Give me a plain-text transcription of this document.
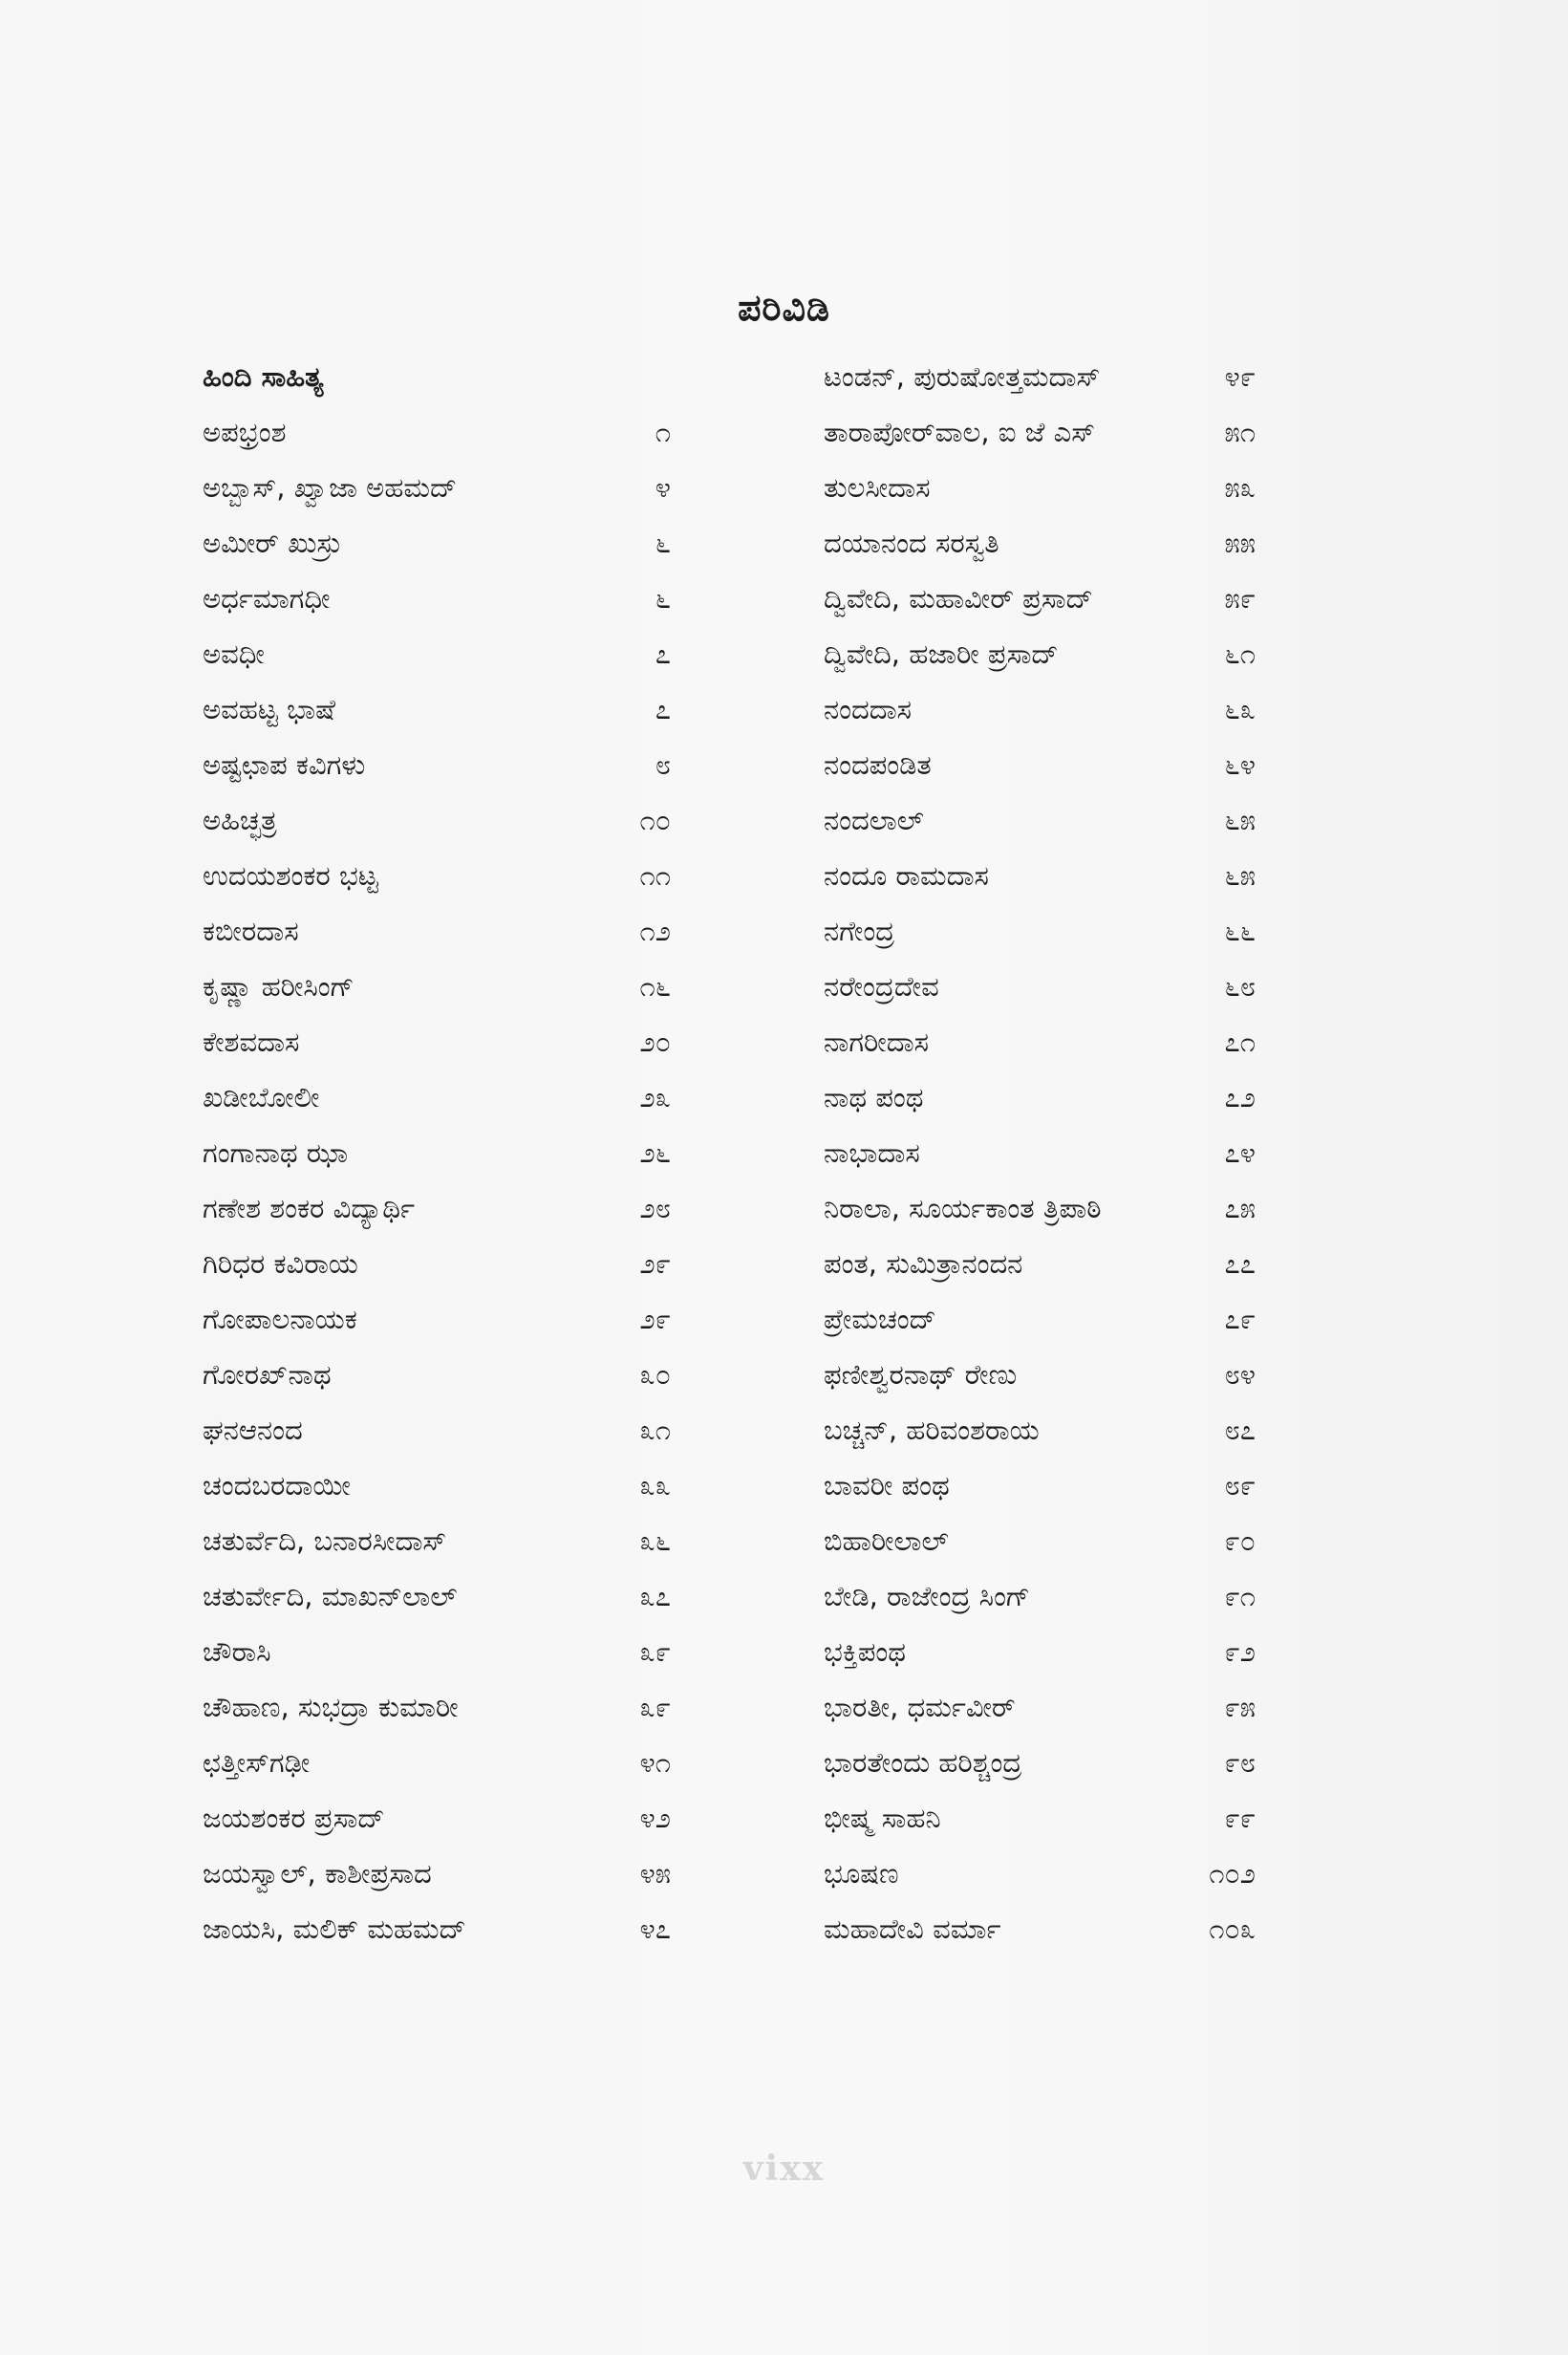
vixx
ಪರಿವಿಡಿ
ಹಿಂದಿ ಸಾಹಿತ್ಯ
ಅಪಭ್ರಂಶ	೧
ಅಬ್ಬಾಸ್, ಖ್ವಾಜಾ ಅಹಮದ್	೪
ಅಮೀರ್ ಖುಸ್ರು	೬
ಅರ್ಧಮಾಗಧೀ	೬
ಅವಧೀ	೭
ಅವಹಟ್ಟ ಭಾಷೆ	೭
ಅಷ್ಟಛಾಪ ಕವಿಗಳು	೮
ಅಹಿಚ್ಛತ್ರ	೧೦
ಉದಯಶಂಕರ ಭಟ್ಟ	೧೧
ಕಬೀರದಾಸ	೧೨
ಕೃಷ್ಣಾ ಹರೀಸಿಂಗ್	೧೬
ಕೇಶವದಾಸ	೨೦
ಖಡೀಬೋಲೀ	೨೩
ಗಂಗಾನಾಥ ಝಾ	೨೬
ಗಣೇಶ ಶಂಕರ ವಿದ್ಯಾರ್ಥಿ	೨೮
ಗಿರಿಧರ ಕವಿರಾಯ	೨೯
ಗೋಪಾಲನಾಯಕ	೨೯
ಗೋರಖ್‌ನಾಥ	೩೦
ಘನಆನಂದ	೩೧
ಚಂದಬರದಾಯೀ	೩೩
ಚತುರ್ವೆದಿ, ಬನಾರಸೀದಾಸ್	೩೬
ಚತುರ್ವೇದಿ, ಮಾಖನ್‌ಲಾಲ್	೩೭
ಚೌರಾಸಿ	೩೯
ಚೌಹಾಣ, ಸುಭದ್ರಾ ಕುಮಾರೀ	೩೯
ಛತ್ತೀಸ್‌ಗಢೀ	೪೧
ಜಯಶಂಕರ ಪ್ರಸಾದ್	೪೨
ಜಯಸ್ವಾಲ್, ಕಾಶೀಪ್ರಸಾದ	೪೫
ಜಾಯಸಿ, ಮಲಿಕ್ ಮಹಮದ್	೪೭
ಟಂಡನ್, ಪುರುಷೋತ್ತಮದಾಸ್	೪೯
ತಾರಾಪೋರ್‌ವಾಲ, ಐ ಜೆ ಎಸ್	೫೧
ತುಲಸೀದಾಸ	೫೩
ದಯಾನಂದ ಸರಸ್ವತಿ	೫೫
ದ್ವಿವೇದಿ, ಮಹಾವೀರ್ ಪ್ರಸಾದ್	೫೯
ದ್ವಿವೇದಿ, ಹಜಾರೀ ಪ್ರಸಾದ್	೬೧
ನಂದದಾಸ	೬೩
ನಂದಪಂಡಿತ	೬೪
ನಂದಲಾಲ್	೬೫
ನಂದೂ ರಾಮದಾಸ	೬೫
ನಗೇಂದ್ರ	೬೬
ನರೇಂದ್ರದೇವ	೬೮
ನಾಗರೀದಾಸ	೭೧
ನಾಥ ಪಂಥ	೭೨
ನಾಭಾದಾಸ	೭೪
ನಿರಾಲಾ, ಸೂರ್ಯಕಾಂತ ತ್ರಿಪಾಠಿ	೭೫
ಪಂತ, ಸುಮಿತ್ರಾನಂದನ	೭೭
ಪ್ರೇಮಚಂದ್	೭೯
ಫಣೀಶ್ವರನಾಥ್ ರೇಣು	೮೪
ಬಚ್ಚನ್, ಹರಿವಂಶರಾಯ	೮೭
ಬಾವರೀ ಪಂಥ	೮೯
ಬಿಹಾರೀಲಾಲ್	೯೦
ಬೇಡಿ, ರಾಜೇಂದ್ರ ಸಿಂಗ್	೯೧
ಭಕ್ತಿಪಂಥ	೯೨
ಭಾರತೀ, ಧರ್ಮವೀರ್	೯೫
ಭಾರತೇಂದು ಹರಿಶ್ಚಂದ್ರ	೯೮
ಭೀಷ್ಮ ಸಾಹನಿ	೯೯
ಭೂಷಣ	೧೦೨
ಮಹಾದೇವಿ ವರ್ಮಾ	೧೦೩
